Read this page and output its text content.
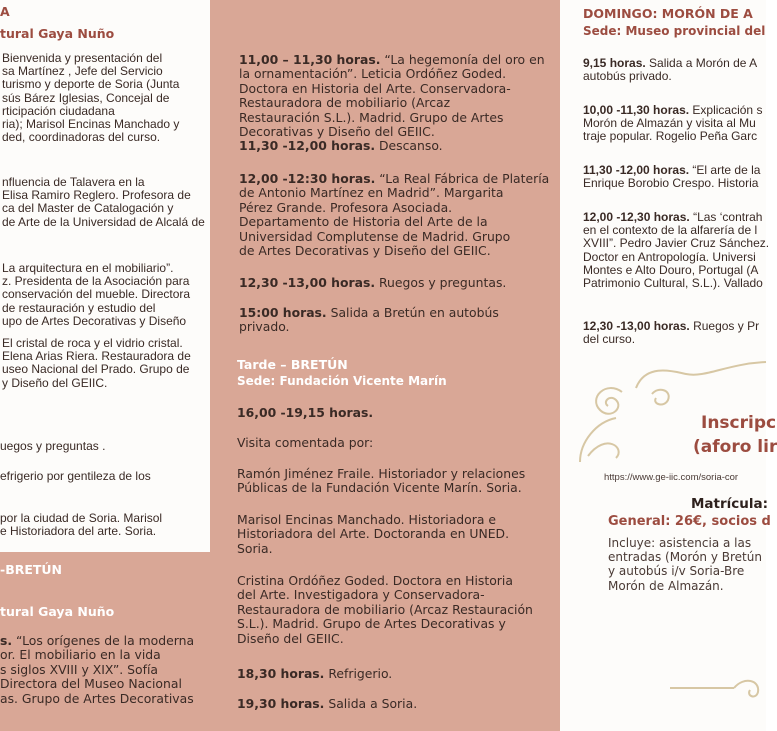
A

tural Gaya Nuño

Bienvenida y presentación del
sa Martínez , Jefe del Servicio
turismo y deporte de Soria (Junta
sús Bárez Iglesias, Concejal de
rticipación ciudadana
ria); Marisol Encinas Manchado y
ded, coordinadoras del curso.
nfluencia de Talavera en la
Elisa Ramiro Reglero. Profesora de
ca del Master de Catalogación y
de Arte de la Universidad de Alcalá de
La arquitectura en el mobiliario”.
z. Presidenta de la Asociación para
conservación del mueble. Directora
de restauración y estudio del
upo de Artes Decorativas y Diseño
El cristal de roca y el vidrio cristal.
Elena Arias Riera. Restauradora de
useo Nacional del Prado. Grupo de
y Diseño del GEIIC.
uegos y preguntas .
efrigerio por gentileza de los
por la ciudad de Soria. Marisol
e Historiadora del arte. Soria.

-BRETÚN

tural Gaya Nuño

s. “Los orígenes de la moderna
or. El mobiliario en la vida
s siglos XVIII y XIX”. Sofía
Directora del Museo Nacional
as. Grupo de Artes Decorativas
11,00 – 11,30 horas. “La hegemonía del oro en
la ornamentación”. Leticia Ordóñez Goded.
Doctora en Historia del Arte. Conservadora-
Restauradora de mobiliario (Arcaz
Restauración S.L.). Madrid. Grupo de Artes
Decorativas y Diseño del GEIIC.
11,30 -12,00 horas. Descanso.
12,00 -12:30 horas. “La Real Fábrica de Platería
de Antonio Martínez en Madrid”. Margarita
Pérez Grande. Profesora Asociada.
Departamento de Historia del Arte de la
Universidad Complutense de Madrid. Grupo
de Artes Decorativas y Diseño del GEIIC.
12,30 -13,00 horas. Ruegos y preguntas.
15:00 horas. Salida a Bretún en autobús
privado.

Tarde – BRETÚN

Sede: Fundación Vicente Marín

16,00 -19,15 horas.
Visita comentada por:
Ramón Jiménez Fraile. Historiador y relaciones
Públicas de la Fundación Vicente Marín. Soria.
Marisol Encinas Manchado. Historiadora e
Historiadora del Arte. Doctoranda en UNED.
Soria.
Cristina Ordóñez Goded. Doctora en Historia
del Arte. Investigadora y Conservadora-
Restauradora de mobiliario (Arcaz Restauración
S.L.). Madrid. Grupo de Artes Decorativas y
Diseño del GEIIC.
18,30 horas. Refrigerio.
19,30 horas. Salida a Soria.

DOMINGO: MORÓN DE A

Sede: Museo provincial del

9,15 horas. Salida a Morón de A
autobús privado.
10,00 -11,30 horas. Explicación s
Morón de Almazán y visita al Mu
traje popular. Rogelio Peña Garc
11,30 -12,00 horas. “El arte de la
Enrique Borobio Crespo. Historia
12,00 -12,30 horas. “Las ‘contrah
en el contexto de la alfarería de l
XVIII”. Pedro Javier Cruz Sánchez.
Doctor en Antropología. Universi
Montes e Alto Douro, Portugal (A
Patrimonio Cultural, S.L.). Vallado
12,30 -13,00 horas. Ruegos y Pr
del curso.

Inscripc

(aforo lir

https://www.ge-iic.com/soria-cor

Matrícula:

General: 26€, socios d

Incluye: asistencia a las
entradas (Morón y Bretún
y autobús i/v Soria-Bre
Morón de Almazán.
